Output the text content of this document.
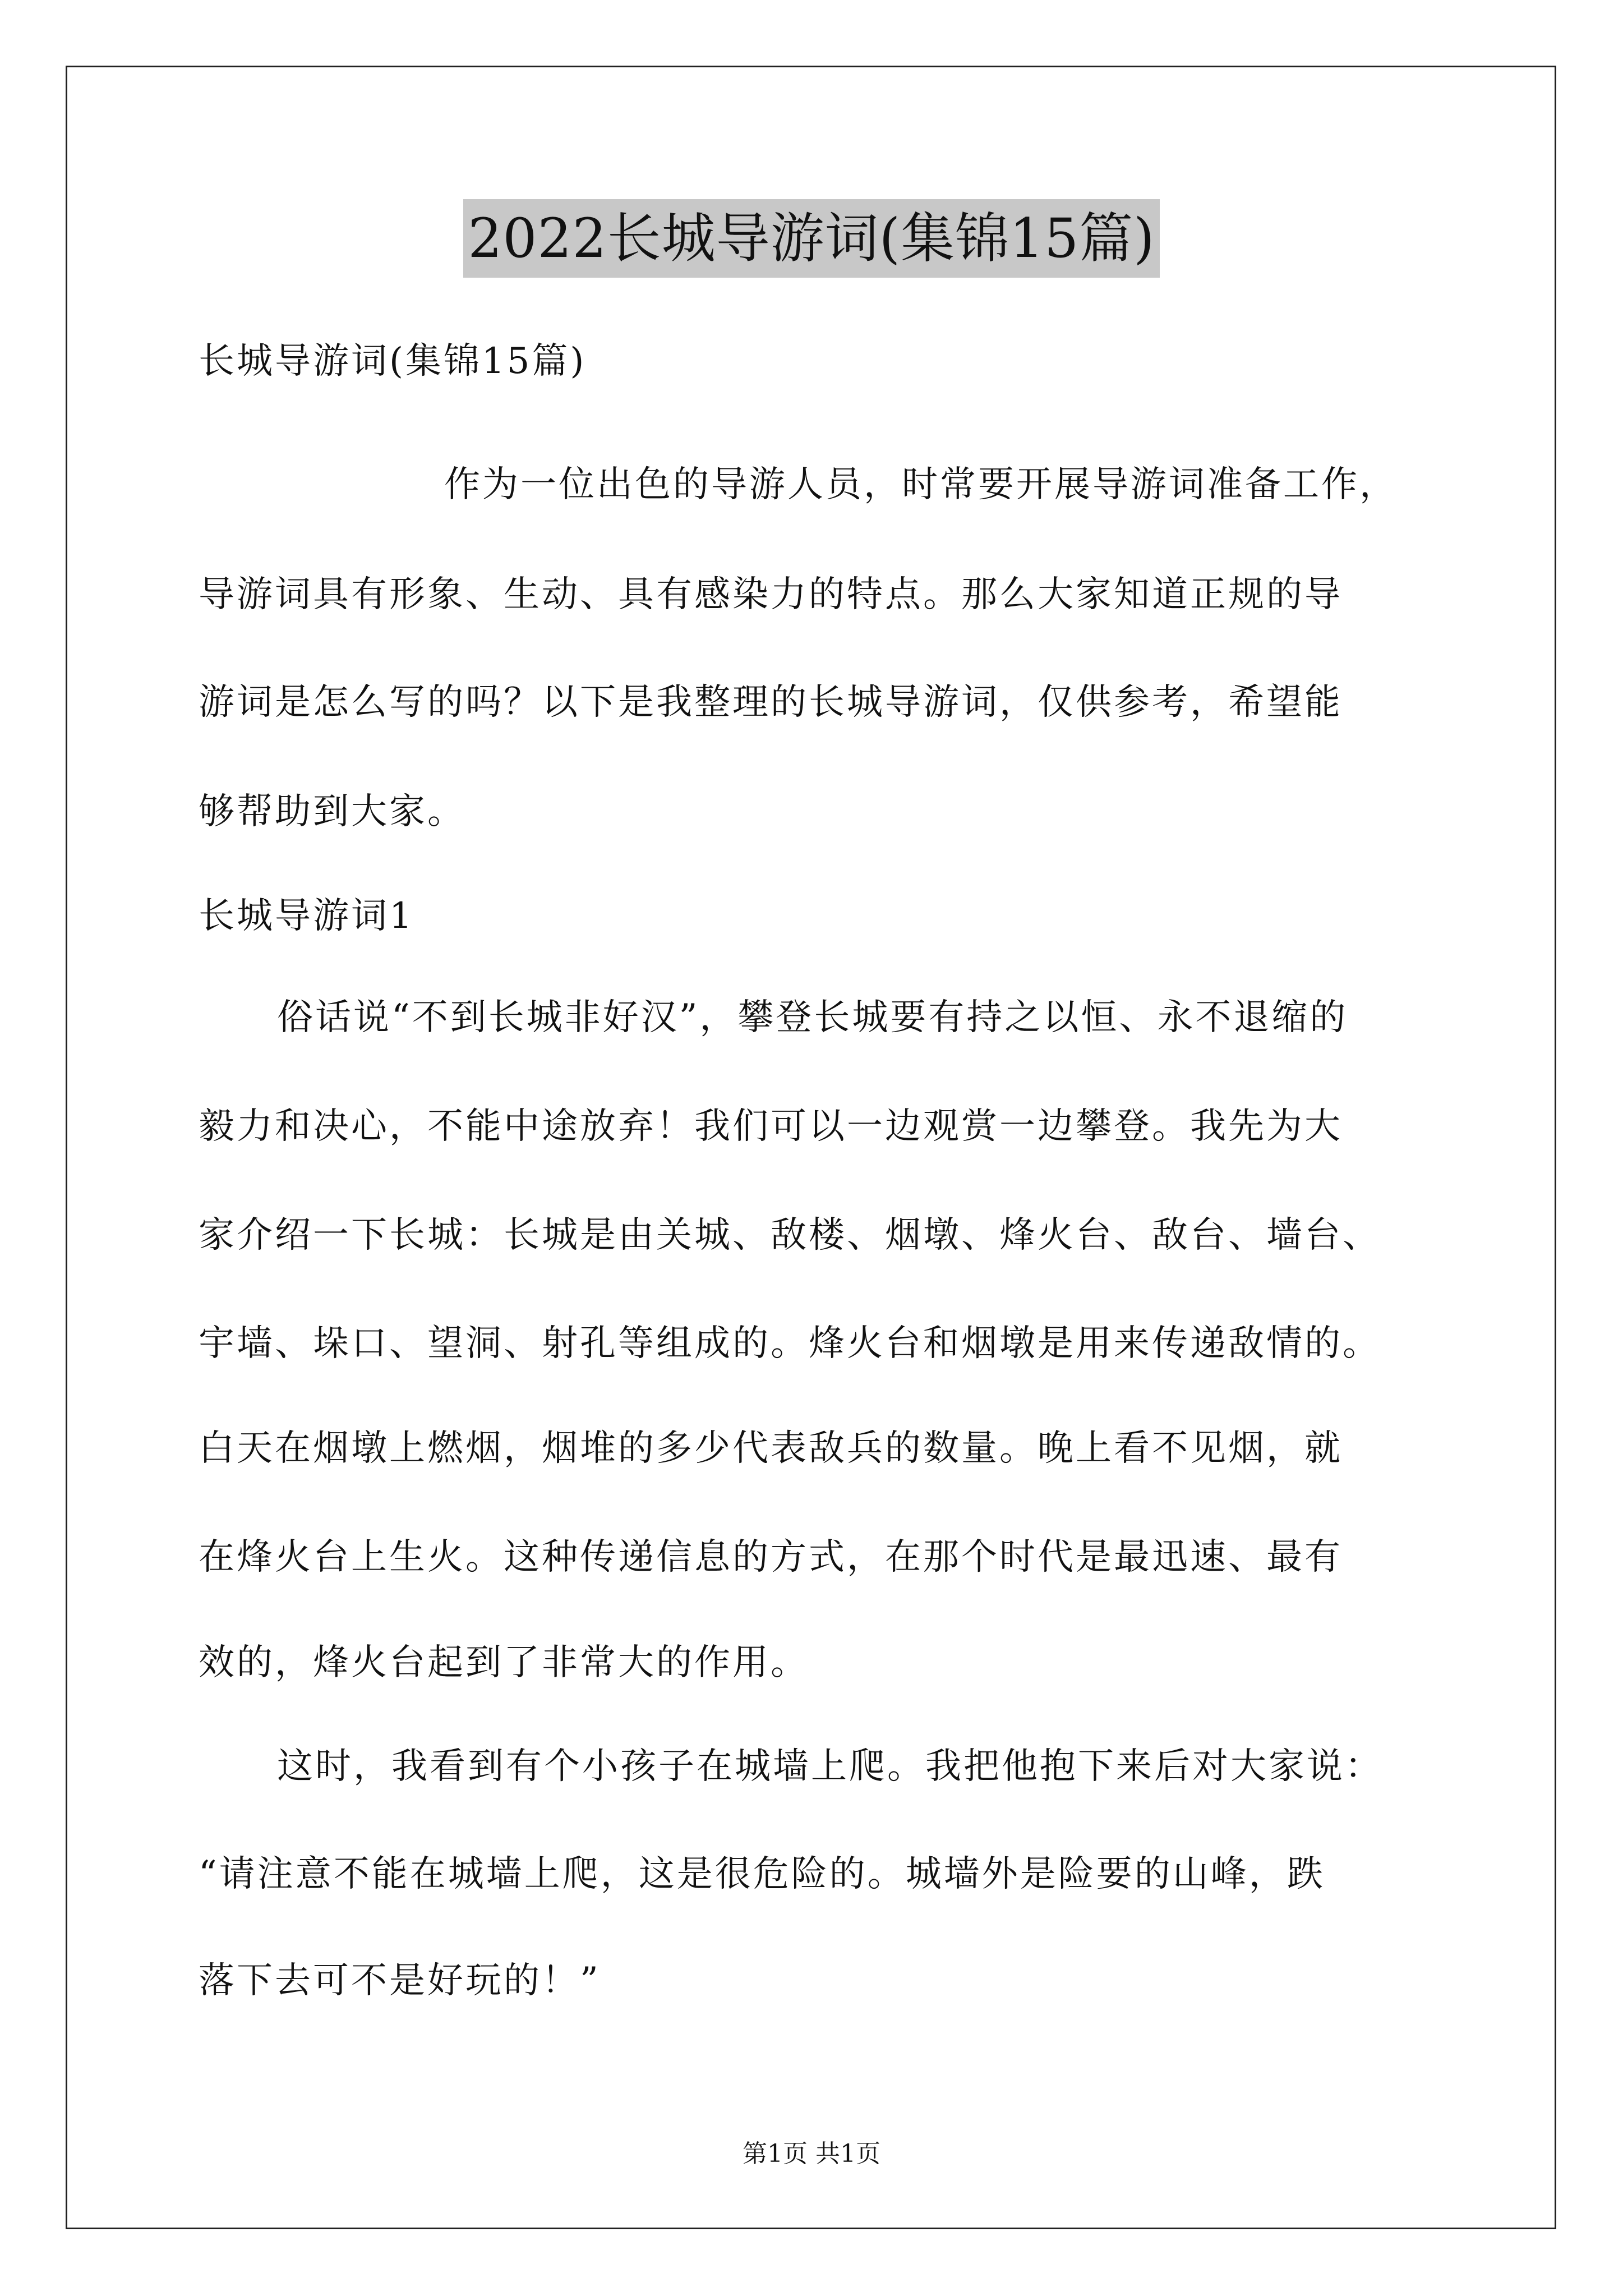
2022长城导游词(集锦15篇)
长城导游词(集锦15篇)
作为一位出色的导游人员，时常要开展导游词准备工作，
导游词具有形象、生动、具有感染力的特点。那么大家知道正规的导
游词是怎么写的吗？以下是我整理的长城导游词，仅供参考，希望能
够帮助到大家。
长城导游词1
俗话说“不到长城非好汉”，攀登长城要有持之以恒、永不退缩的
毅力和决心，不能中途放弃！我们可以一边观赏一边攀登。我先为大
家介绍一下长城：长城是由关城、敌楼、烟墩、烽火台、敌台、墙台、
宇墙、垛口、望洞、射孔等组成的。烽火台和烟墩是用来传递敌情的。
白天在烟墩上燃烟，烟堆的多少代表敌兵的数量。晚上看不见烟，就
在烽火台上生火。这种传递信息的方式，在那个时代是最迅速、最有
效的，烽火台起到了非常大的作用。
这时，我看到有个小孩子在城墙上爬。我把他抱下来后对大家说：
“请注意不能在城墙上爬，这是很危险的。城墙外是险要的山峰，跌
落下去可不是好玩的！”
第1页 共1页
